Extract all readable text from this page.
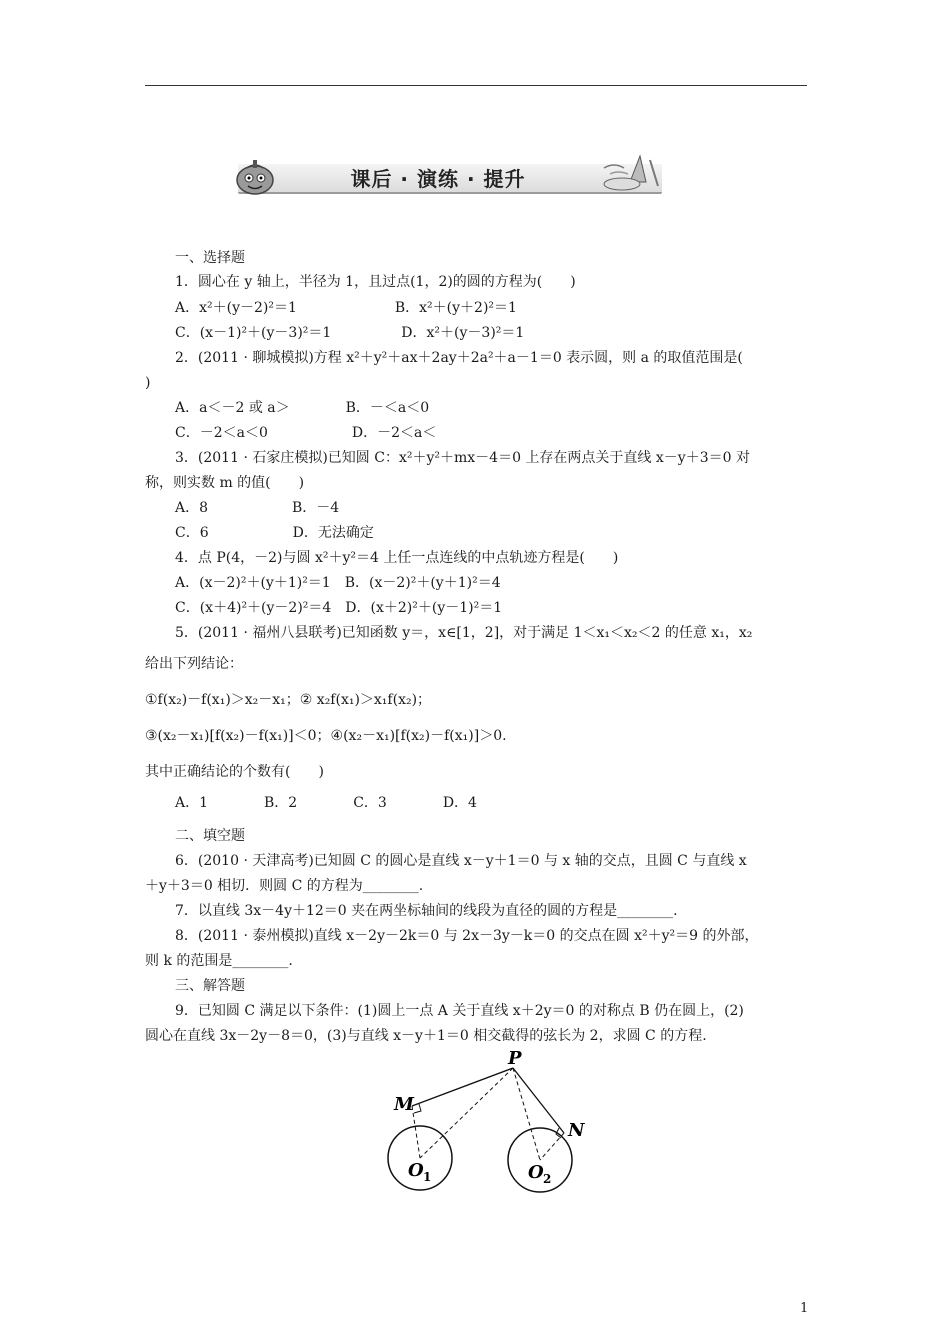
课后 · 演练 · 提升
一、选择题
1．圆心在 y 轴上，半径为 1，且过点(1，2)的圆的方程为(　　)
A．x²＋(y－2)²＝1　　　　　　　B．x²＋(y＋2)²＝1
C．(x－1)²＋(y－3)²＝1　　　　　D．x²＋(y－3)²＝1
2．(2011 · 聊城模拟)方程 x²＋y²＋ax＋2ay＋2a²＋a－1＝0 表示圆，则 a 的取值范围是(
)
A．a＜－2 或 a＞　　　　B．－＜a＜0
C．－2＜a＜0　　　　　　D．－2＜a＜
3．(2011 · 石家庄模拟)已知圆 C：x²＋y²＋mx－4＝0 上存在两点关于直线 x－y＋3＝0 对
称，则实数 m 的值(　　)
A．8　　　　　　B．－4
C．6　　　　　　D．无法确定
4．点 P(4，－2)与圆 x²＋y²＝4 上任一点连线的中点轨迹方程是(　　)
A．(x－2)²＋(y＋1)²＝1　B．(x－2)²＋(y＋1)²＝4
C．(x＋4)²＋(y－2)²＝4　D．(x＋2)²＋(y－1)²＝1
5．(2011 · 福州八县联考)已知函数 y＝，x∈[1，2]，对于满足 1＜x₁＜x₂＜2 的任意 x₁，x₂
给出下列结论：
①f(x₂)－f(x₁)＞x₂－x₁；② x₂f(x₁)＞x₁f(x₂)；
③(x₂－x₁)[f(x₂)－f(x₁)]＜0；④(x₂－x₁)[f(x₂)－f(x₁)]＞0.
其中正确结论的个数有(　　)
A．1　　　　B．2　　　　C．3　　　　D．4
二、填空题
6．(2010 · 天津高考)已知圆 C 的圆心是直线 x－y＋1＝0 与 x 轴的交点，且圆 C 与直线 x
＋y＋3＝0 相切．则圆 C 的方程为________.
7．以直线 3x－4y＋12＝0 夹在两坐标轴间的线段为直径的圆的方程是________.
8．(2011 · 泰州模拟)直线 x－2y－2k＝0 与 2x－3y－k＝0 的交点在圆 x²＋y²＝9 的外部，
则 k 的范围是________.
三、解答题
9．已知圆 C 满足以下条件：(1)圆上一点 A 关于直线 x＋2y＝0 的对称点 B 仍在圆上，(2)
圆心在直线 3x－2y－8＝0，(3)与直线 x－y＋1＝0 相交截得的弦长为 2，求圆 C 的方程.
P
M
N
O 1	O 2
1
